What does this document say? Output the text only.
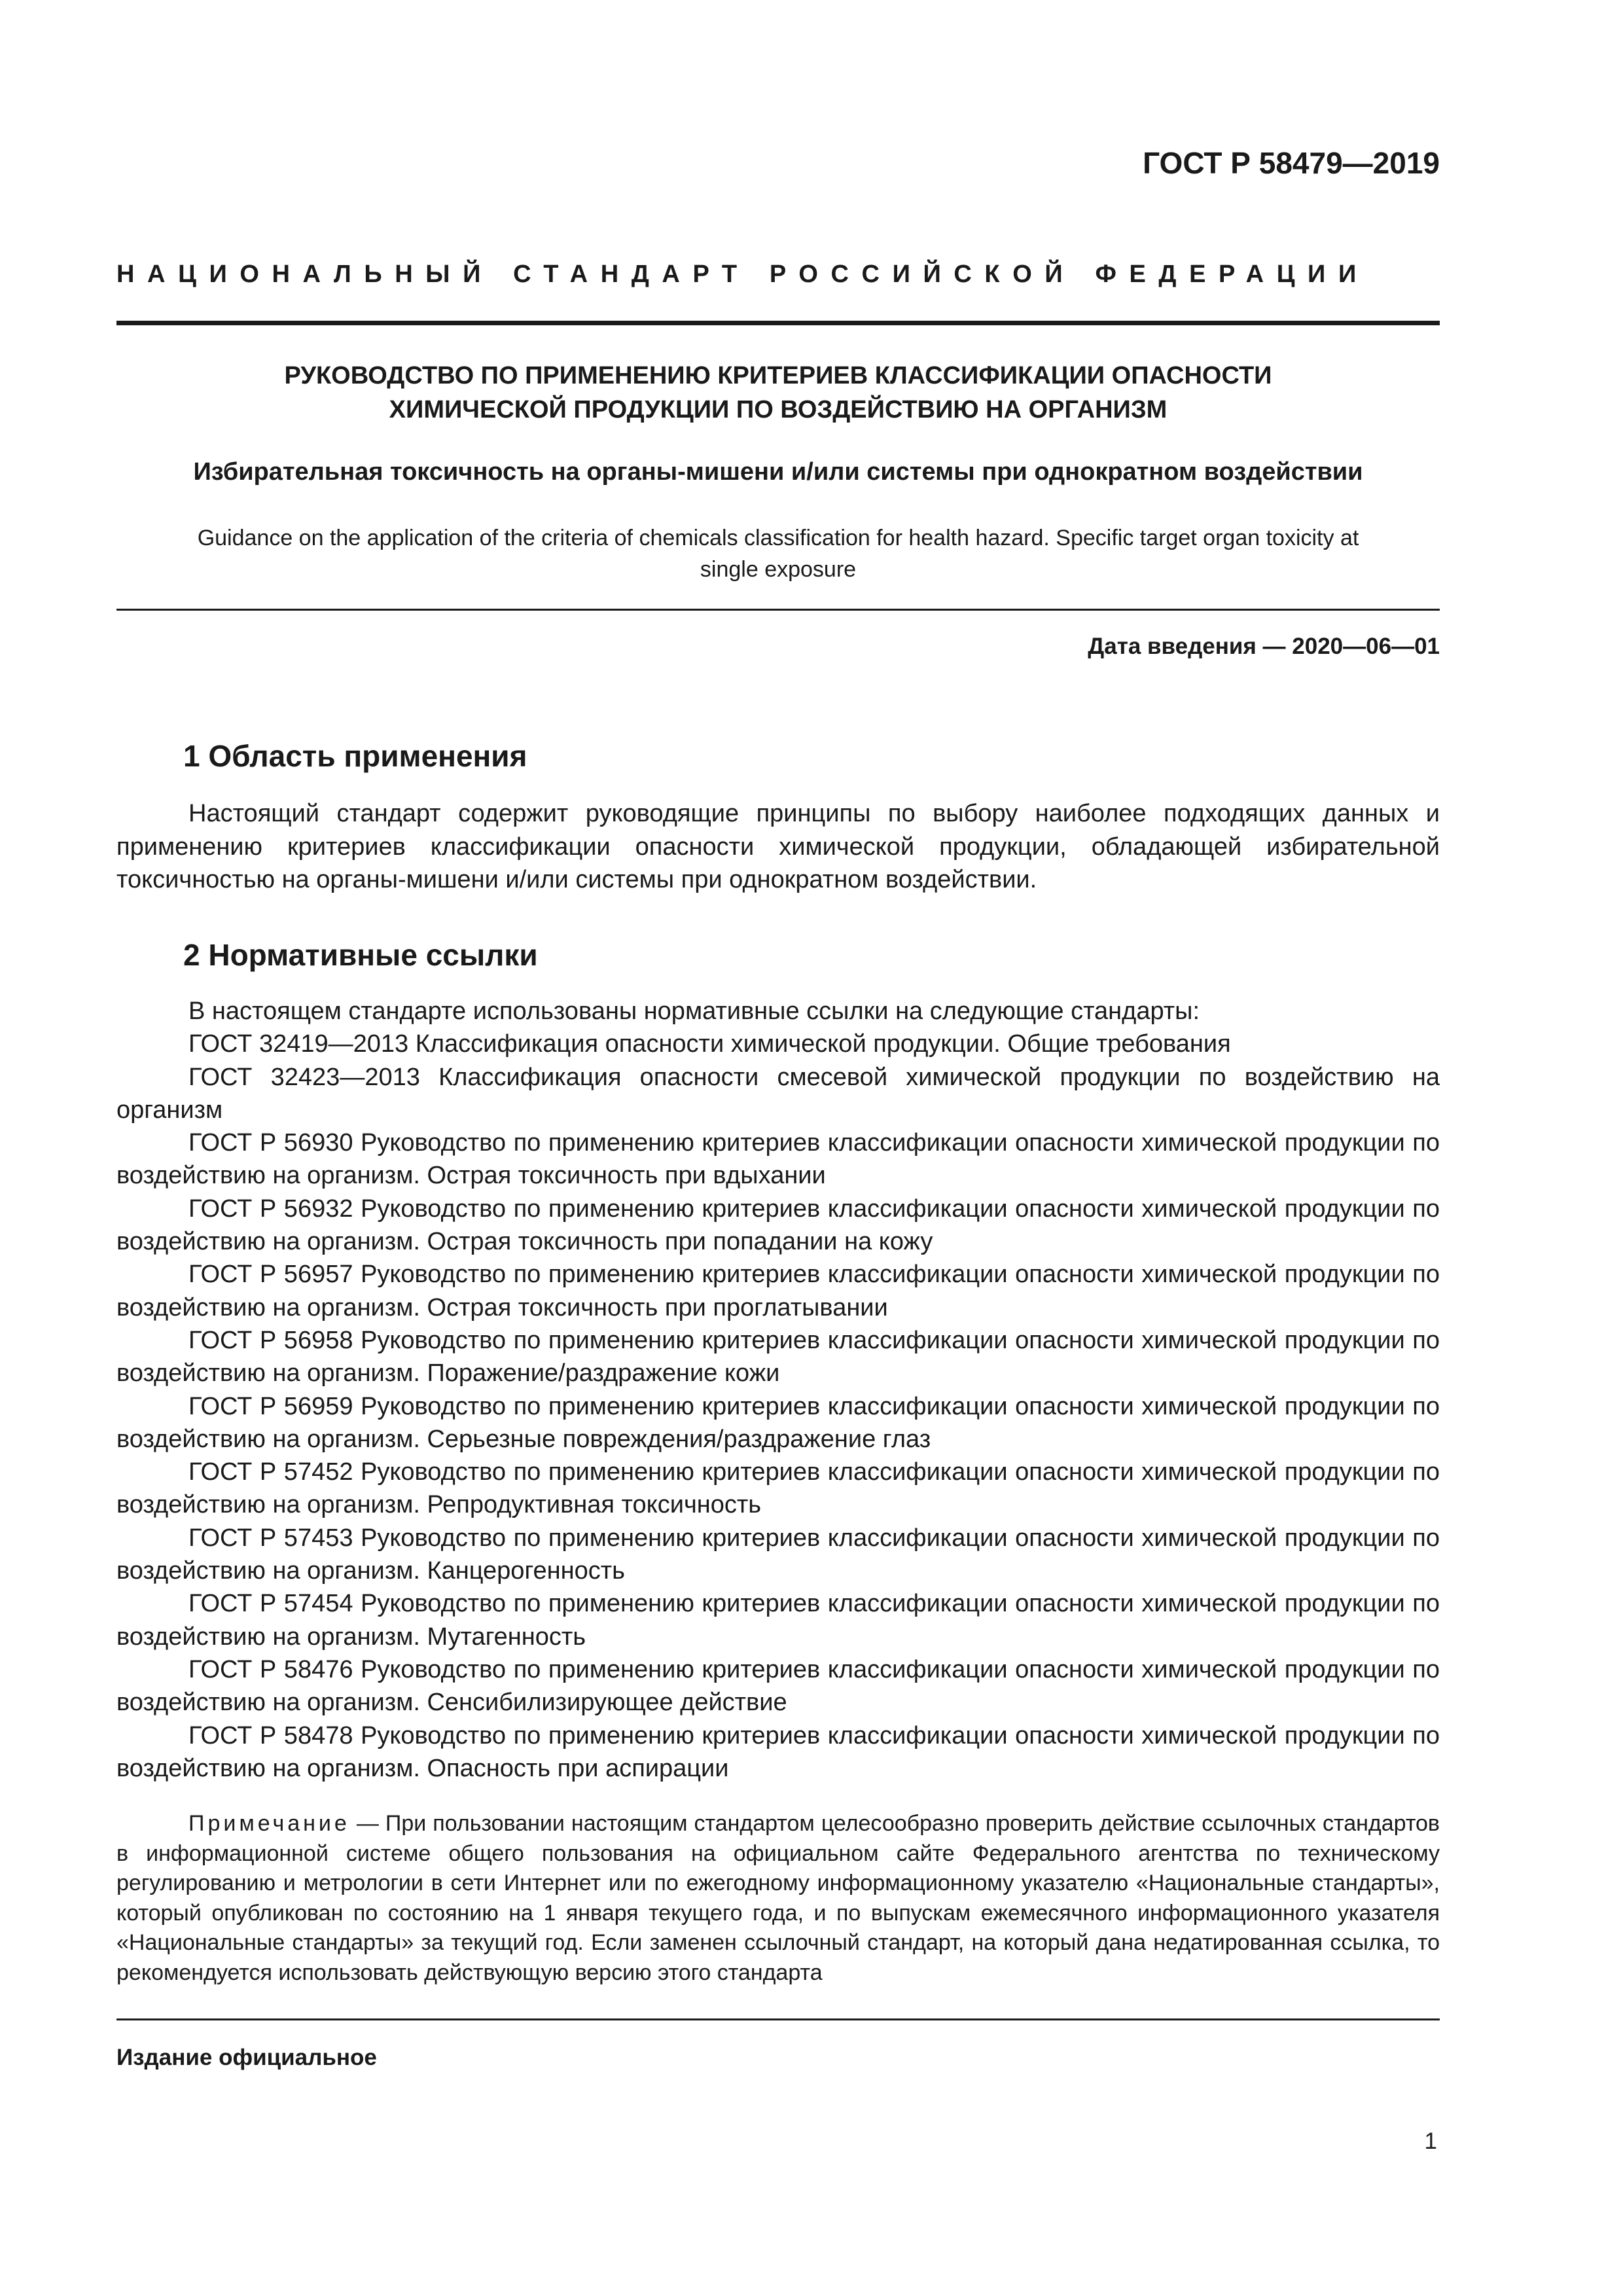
ГОСТ Р 58479—2019
НАЦИОНАЛЬНЫЙ СТАНДАРТ РОССИЙСКОЙ ФЕДЕРАЦИИ
РУКОВОДСТВО ПО ПРИМЕНЕНИЮ КРИТЕРИЕВ КЛАССИФИКАЦИИ ОПАСНОСТИ
ХИМИЧЕСКОЙ ПРОДУКЦИИ ПО ВОЗДЕЙСТВИЮ НА ОРГАНИЗМ
Избирательная токсичность на органы-мишени и/или системы при однократном воздействии
Guidance on the application of the criteria of chemicals classification for health hazard. Specific target organ toxicity at
single exposure
Дата введения — 2020—06—01
1 Область применения
Настоящий стандарт содержит руководящие принципы по выбору наиболее подходящих данных и применению критериев классификации опасности химической продукции, обладающей избирательной токсичностью на органы-мишени и/или системы при однократном воздействии.
2 Нормативные ссылки

В настоящем стандарте использованы нормативные ссылки на следующие стандарты:

ГОСТ 32419—2013 Классификация опасности химической продукции. Общие требования

ГОСТ 32423—2013 Классификация опасности смесевой химической продукции по воздействию на организм

ГОСТ Р 56930 Руководство по применению критериев классификации опасности химической продукции по воздействию на организм. Острая токсичность при вдыхании

ГОСТ Р 56932 Руководство по применению критериев классификации опасности химической продукции по воздействию на организм. Острая токсичность при попадании на кожу

ГОСТ Р 56957 Руководство по применению критериев классификации опасности химической продукции по воздействию на организм. Острая токсичность при проглатывании

ГОСТ Р 56958 Руководство по применению критериев классификации опасности химической продукции по воздействию на организм. Поражение/раздражение кожи

ГОСТ Р 56959 Руководство по применению критериев классификации опасности химической продукции по воздействию на организм. Серьезные повреждения/раздражение глаз

ГОСТ Р 57452 Руководство по применению критериев классификации опасности химической продукции по воздействию на организм. Репродуктивная токсичность

ГОСТ Р 57453 Руководство по применению критериев классификации опасности химической продукции по воздействию на организм. Канцерогенность

ГОСТ Р 57454 Руководство по применению критериев классификации опасности химической продукции по воздействию на организм. Мутагенность

ГОСТ Р 58476 Руководство по применению критериев классификации опасности химической продукции по воздействию на организм. Сенсибилизирующее действие

ГОСТ Р 58478 Руководство по применению критериев классификации опасности химической продукции по воздействию на организм. Опасность при аспирации

Примечание — При пользовании настоящим стандартом целесообразно проверить действие ссылочных стандартов в информационной системе общего пользования на официальном сайте Федерального агентства по техническому регулированию и метрологии в сети Интернет или по ежегодному информационному указателю «Национальные стандарты», который опубликован по состоянию на 1 января текущего года, и по выпускам ежемесячного информационного указателя «Национальные стандарты» за текущий год. Если заменен ссылочный стандарт, на который дана недатированная ссылка, то рекомендуется использовать действующую версию этого стандарта
Издание официальное
1
